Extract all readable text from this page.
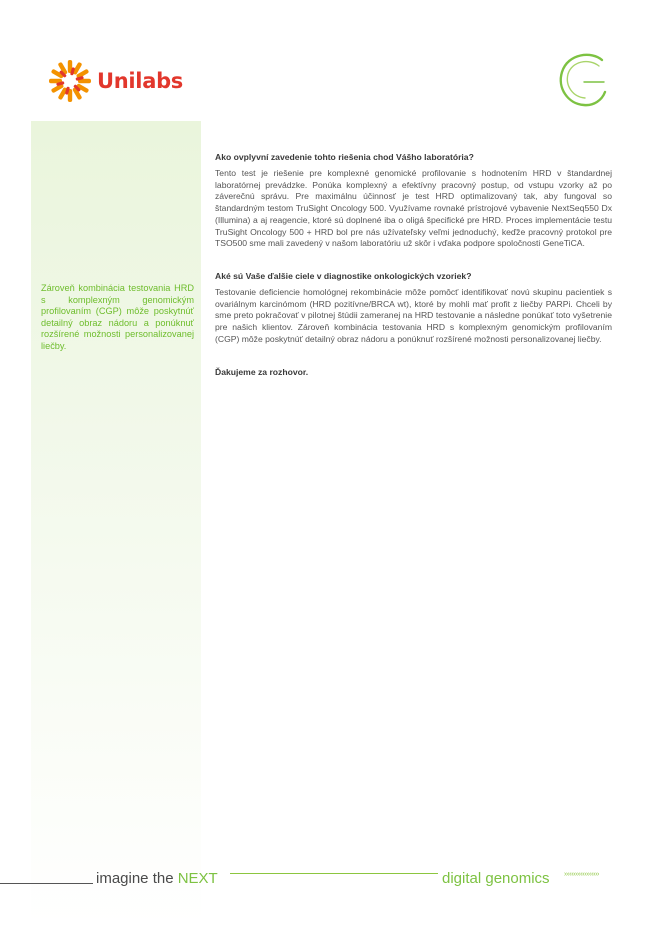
Unilabs

Zároveň kombinácia testovania HRD s komplexným genomickým profilovaním (CGP) môže poskytnúť detailný obraz nádoru a ponúknuť rozšírené možnosti personalizovanej liečby.

Ako ovplyvní zavedenie tohto riešenia chod Vášho laboratória?

Tento test je riešenie pre komplexné genomické profilovanie s hodnotením HRD v štandardnej laboratórnej prevádzke. Ponúka komplexný a efektívny pracovný postup, od vstupu vzorky až po záverečnú správu. Pre maximálnu účinnosť je test HRD optimalizovaný tak, aby fungoval so štandardným testom TruSight Oncology 500. Využívame rovnaké prístrojové vybavenie NextSeq550 Dx (Illumina) a aj reagencie, ktoré sú doplnené iba o oligá špecifické pre HRD. Proces implementácie testu TruSight Oncology 500 + HRD bol pre nás užívateľsky veľmi jednoduchý, keďže pracovný protokol pre TSO500 sme mali zavedený v našom laboratóriu už skôr i vďaka podpore spoločnosti GeneTiCA.

Aké sú Vaše ďalšie ciele v diagnostike onkologických vzoriek?

Testovanie deficiencie homológnej rekombinácie môže pomôcť identifikovať novú skupinu pacientiek s ovariálnym karcinómom (HRD pozitívne/BRCA wt), ktoré by mohli mať profit z liečby PARPi. Chceli by sme preto pokračovať v pilotnej štúdii zameranej na HRD testovanie a následne ponúkať toto vyšetrenie pre našich klientov. Zároveň kombinácia testovania HRD s komplexným genomickým profilovaním (CGP) môže poskytnúť detailný obraz nádoru a ponúknuť rozšírené možnosti personalizovanej liečby.

Ďakujeme za rozhovor.

imagine the NEXT	digital genomics ›››››››››››››››››››
